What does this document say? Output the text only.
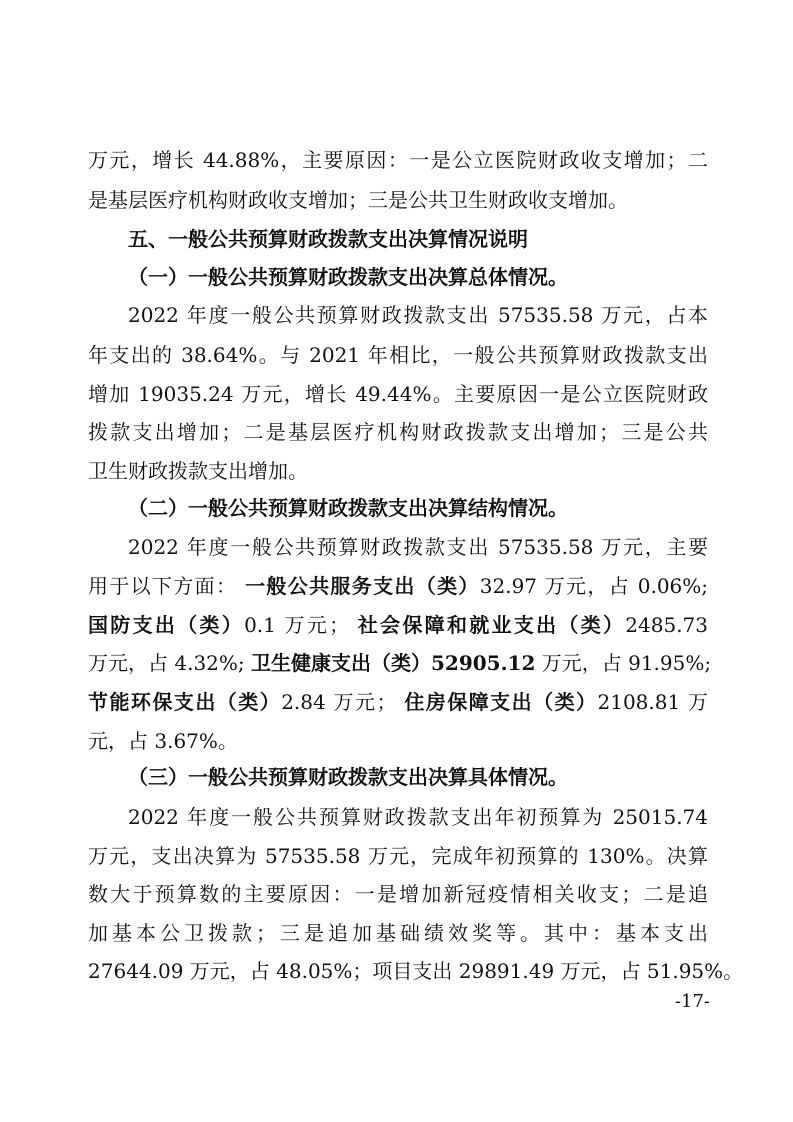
万元，增长 44.88%，主要原因：一是公立医院财政收支增加；二
是基层医疗机构财政收支增加；三是公共卫生财政收支增加。
五、一般公共预算财政拨款支出决算情况说明
（一）一般公共预算财政拨款支出决算总体情况。
2022 年度一般公共预算财政拨款支出 57535.58 万元，占本
年支出的 38.64%。与 2021 年相比，一般公共预算财政拨款支出
增加 19035.24 万元，增长 49.44%。主要原因一是公立医院财政
拨款支出增加；二是基层医疗机构财政拨款支出增加；三是公共
卫生财政拨款支出增加。
（二）一般公共预算财政拨款支出决算结构情况。
2022 年度一般公共预算财政拨款支出 57535.58 万元，主要
用于以下方面： 一般公共服务支出（类）32.97 万元，占 0.06%;
国防支出（类）0.1 万元； 社会保障和就业支出（类）2485.73
万元，占 4.32%; 卫生健康支出（类）52905.12 万元，占 91.95%;
节能环保支出（类）2.84 万元； 住房保障支出（类）2108.81 万
元，占 3.67%。
（三）一般公共预算财政拨款支出决算具体情况。
2022 年度一般公共预算财政拨款支出年初预算为 25015.74
万元，支出决算为 57535.58 万元，完成年初预算的 130%。决算
数大于预算数的主要原因：一是增加新冠疫情相关收支；二是追
加基本公卫拨款；三是追加基础绩效奖等。其中：基本支出
27644.09 万元，占 48.05%；项目支出 29891.49 万元，占 51.95%。
-17-
